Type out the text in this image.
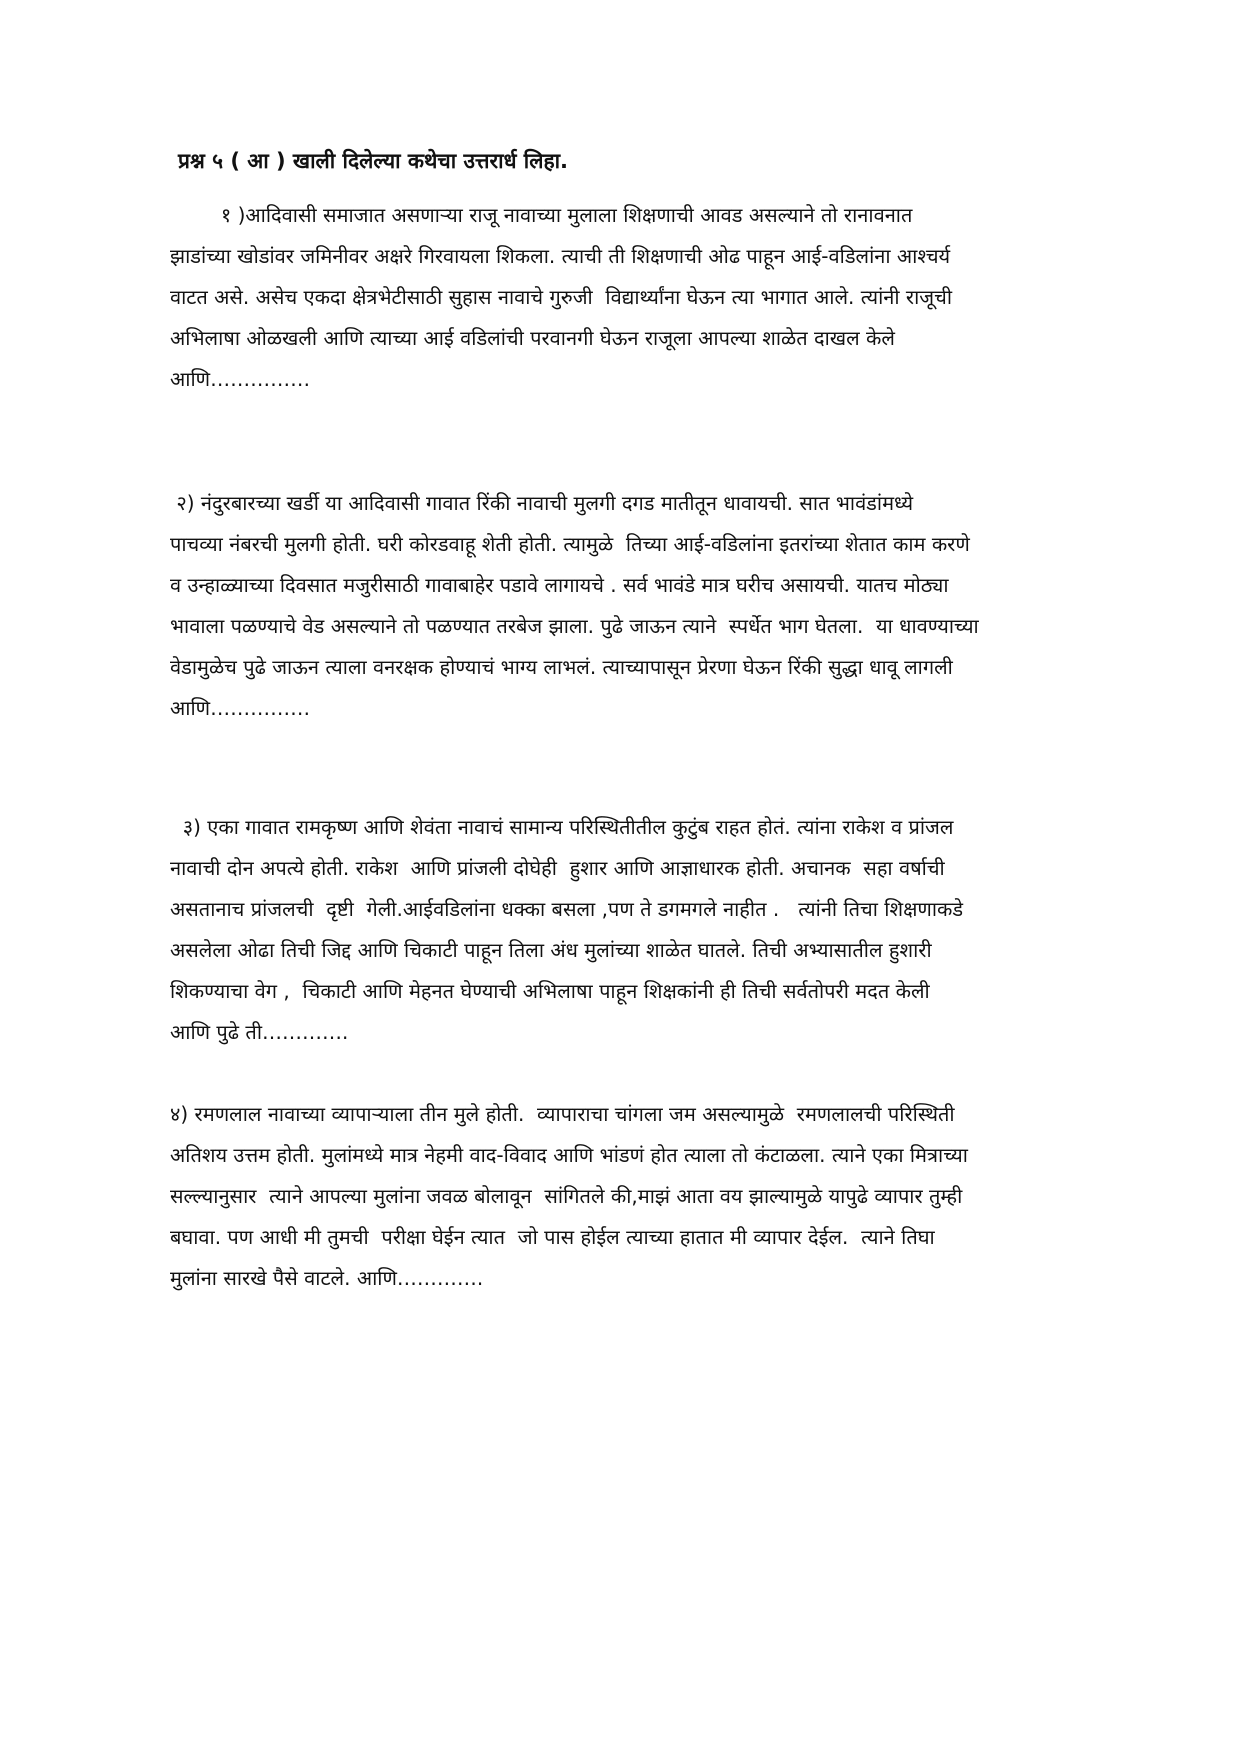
प्रश्न ५ ( आ ) खाली दिलेल्या कथेचा उत्तरार्ध लिहा.
१ )आदिवासी समाजात असणाऱ्या राजू नावाच्या मुलाला शिक्षणाची आवड असल्याने तो रानावनात
झाडांच्या खोडांवर जमिनीवर अक्षरे गिरवायला शिकला. त्याची ती शिक्षणाची ओढ पाहून आई-वडिलांना आश्चर्य
वाटत असे. असेच एकदा क्षेत्रभेटीसाठी सुहास नावाचे गुरुजी  विद्यार्थ्यांना घेऊन त्या भागात आले. त्यांनी राजूची
अभिलाषा ओळखली आणि त्याच्या आई वडिलांची परवानगी घेऊन राजूला आपल्या शाळेत दाखल केले
आणि……………
२) नंदुरबारच्या खर्डी या आदिवासी गावात रिंकी नावाची मुलगी दगड मातीतून धावायची. सात भावंडांमध्ये
पाचव्या नंबरची मुलगी होती. घरी कोरडवाहू शेती होती. त्यामुळे  तिच्या आई-वडिलांना इतरांच्या शेतात काम करणे
व उन्हाळ्याच्या दिवसात मजुरीसाठी गावाबाहेर पडावे लागायचे . सर्व भावंडे मात्र घरीच असायची. यातच मोठ्या
भावाला पळण्याचे वेड असल्याने तो पळण्यात तरबेज झाला. पुढे जाऊन त्याने  स्पर्धेत भाग घेतला.  या धावण्याच्या
वेडामुळेच पुढे जाऊन त्याला वनरक्षक होण्याचं भाग्य लाभलं. त्याच्यापासून प्रेरणा घेऊन रिंकी सुद्धा धावू लागली
आणि……………
३) एका गावात रामकृष्ण आणि शेवंता नावाचं सामान्य परिस्थितीतील कुटुंब राहत होतं. त्यांना राकेश व प्रांजल
नावाची दोन अपत्ये होती. राकेश  आणि प्रांजली दोघेही  हुशार आणि आज्ञाधारक होती. अचानक  सहा वर्षाची
असतानाच प्रांजलची  दृष्टी  गेली.आईवडिलांना धक्का बसला ,पण ते डगमगले नाहीत .   त्यांनी तिचा शिक्षणाकडे
असलेला ओढा तिची जिद्द आणि चिकाटी पाहून तिला अंध मुलांच्या शाळेत घातले. तिची अभ्यासातील हुशारी
शिकण्याचा वेग ,  चिकाटी आणि मेहनत घेण्याची अभिलाषा पाहून शिक्षकांनी ही तिची सर्वतोपरी मदत केली
आणि पुढे ती………….
४) रमणलाल नावाच्या व्यापाऱ्याला तीन मुले होती.  व्यापाराचा चांगला जम असल्यामुळे  रमणलालची परिस्थिती
अतिशय उत्तम होती. मुलांमध्ये मात्र नेहमी वाद-विवाद आणि भांडणं होत त्याला तो कंटाळला. त्याने एका मित्राच्या
सल्ल्यानुसार  त्याने आपल्या मुलांना जवळ बोलावून  सांगितले की,माझं आता वय झाल्यामुळे यापुढे व्यापार तुम्ही
बघावा. पण आधी मी तुमची  परीक्षा घेईन त्यात  जो पास होईल त्याच्या हातात मी व्यापार देईल.  त्याने तिघा
मुलांना सारखे पैसे वाटले. आणि………….
